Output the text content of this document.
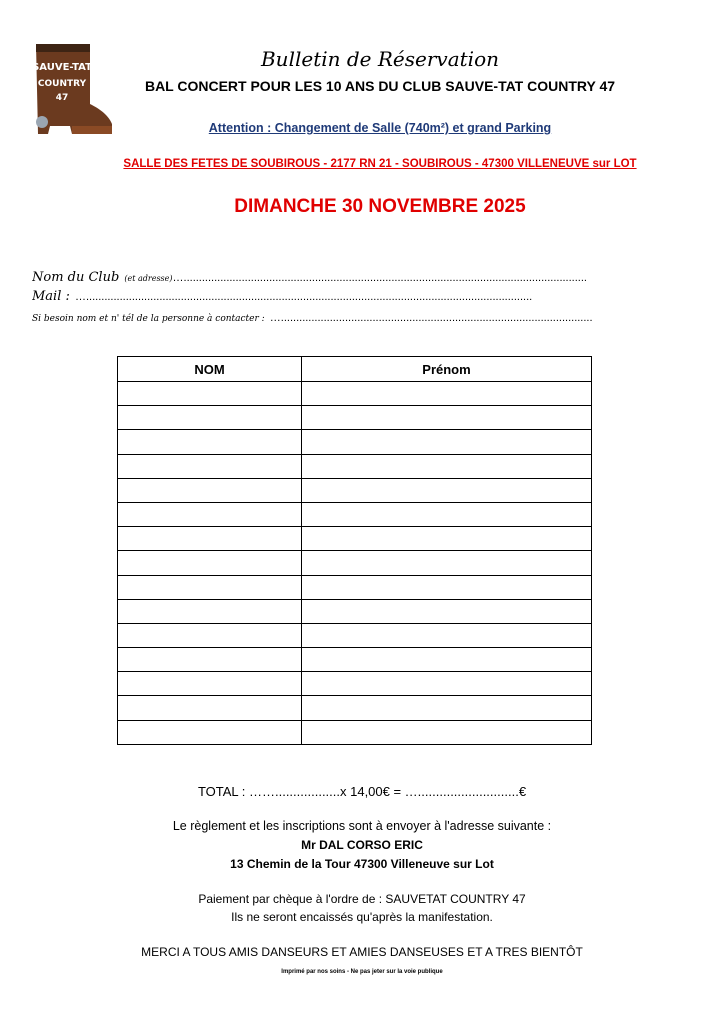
SAUVE-TAT
COUNTRY
47
Bulletin de Réservation
BAL CONCERT POUR LES 10 ANS DU CLUB SAUVE-TAT COUNTRY 47
Attention : Changement de Salle (740m²) et grand Parking
SALLE DES FETES DE SOUBIROUS - 2177 RN 21 - SOUBIROUS - 47300 VILLENEUVE sur LOT
DIMANCHE 30 NOVEMBRE 2025
Nom du Club (et adresse)…....................................................................................................................................
Mail : …..................................................................................................................................................
Si besoin nom et n' tél de la personne à contacter : …......................................................................................................
NOM	Prénom

TOTAL : ……..................x 14,00€ = …............................€
Le règlement et les inscriptions sont à envoyer à l'adresse suivante :
Mr DAL CORSO ERIC
13 Chemin de la Tour 47300 Villeneuve sur Lot
Paiement par chèque à l'ordre de : SAUVETAT COUNTRY 47
Ils ne seront encaissés qu'après la manifestation.
MERCI A TOUS AMIS DANSEURS ET AMIES DANSEUSES ET A TRES BIENTÔT
Imprimé par nos soins - Ne pas jeter sur la voie publique
